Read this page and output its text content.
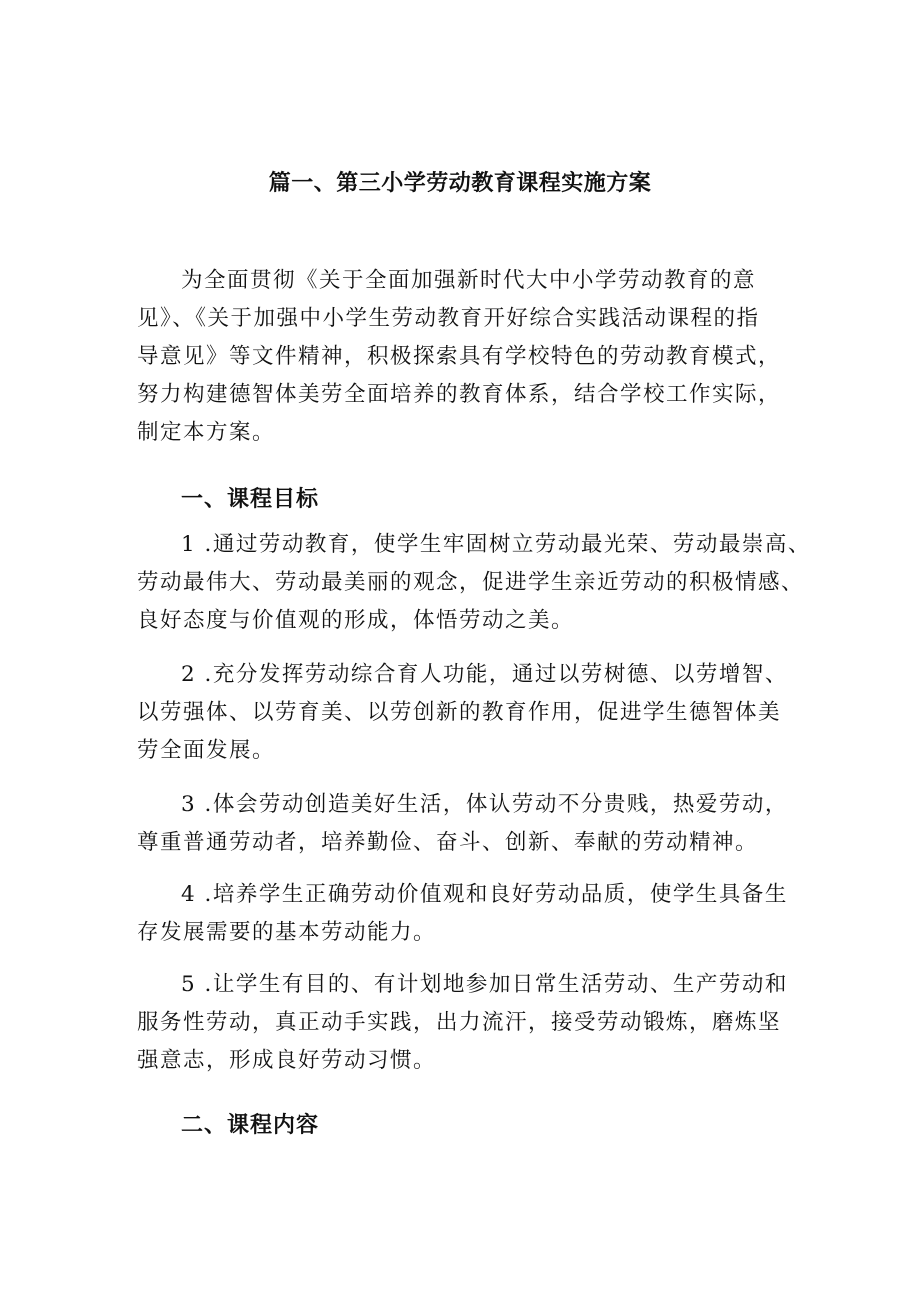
篇一、第三小学劳动教育课程实施方案

为全面贯彻《关于全面加强新时代大中小学劳动教育的意
见》、《关于加强中小学生劳动教育开好综合实践活动课程的指
导意见》等文件精神，积极探索具有学校特色的劳动教育模式，
努力构建德智体美劳全面培养的教育体系，结合学校工作实际，
制定本方案。

一、课程目标

1 .通过劳动教育，使学生牢固树立劳动最光荣、劳动最崇高、
劳动最伟大、劳动最美丽的观念，促进学生亲近劳动的积极情感、
良好态度与价值观的形成，体悟劳动之美。

2 .充分发挥劳动综合育人功能，通过以劳树德、以劳增智、
以劳强体、以劳育美、以劳创新的教育作用，促进学生德智体美
劳全面发展。

3 .体会劳动创造美好生活，体认劳动不分贵贱，热爱劳动，
尊重普通劳动者，培养勤俭、奋斗、创新、奉献的劳动精神。

4 .培养学生正确劳动价值观和良好劳动品质，使学生具备生
存发展需要的基本劳动能力。

5 .让学生有目的、有计划地参加日常生活劳动、生产劳动和
服务性劳动，真正动手实践，出力流汗，接受劳动锻炼，磨炼坚
强意志，形成良好劳动习惯。

二、课程内容
